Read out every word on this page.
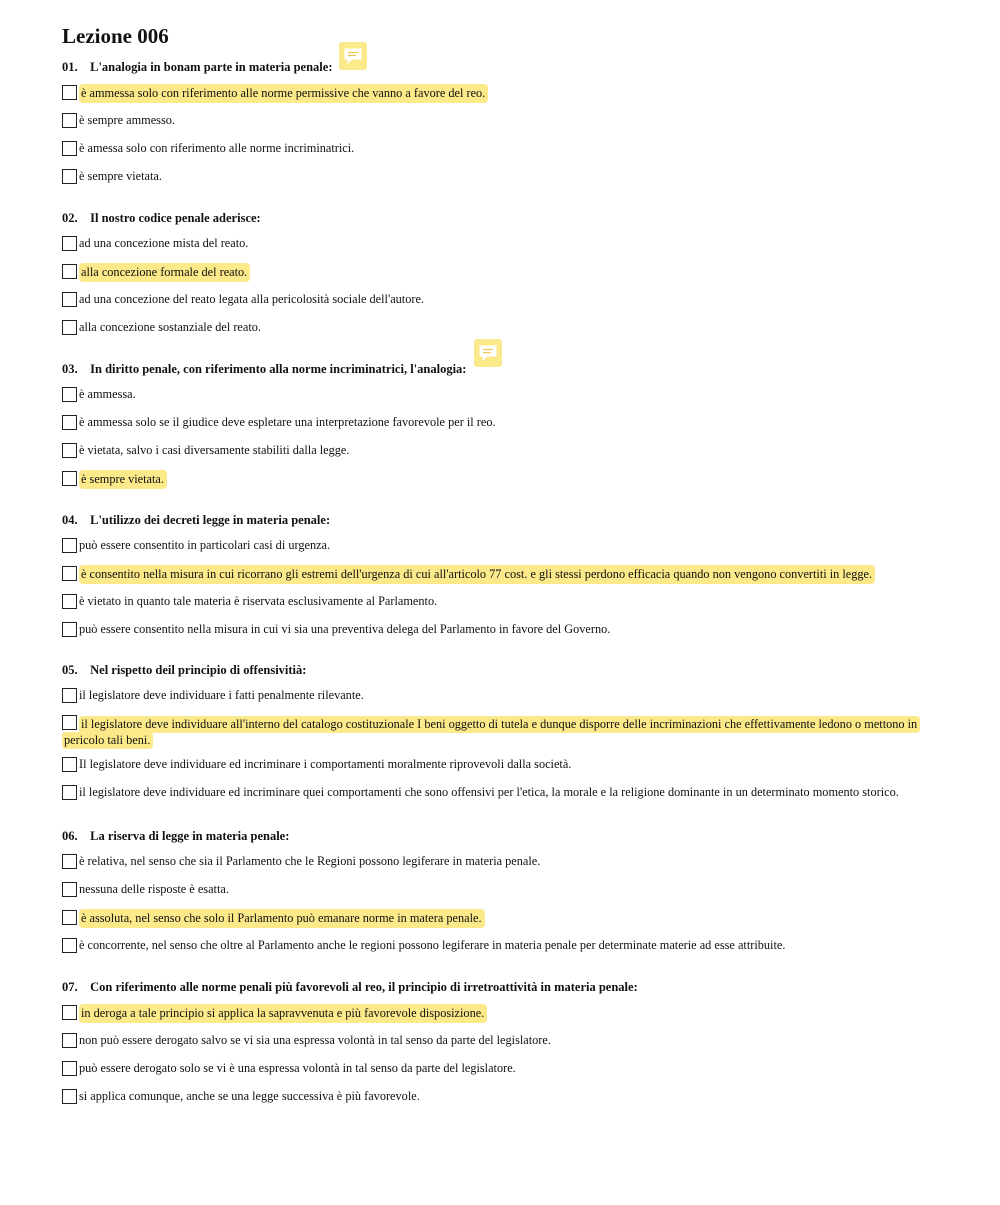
Lezione 006
01. L'analogia in bonam parte in materia penale:
è ammessa solo con riferimento alle norme permissive che vanno a favore del reo.
è sempre ammesso.
è amessa solo con riferimento alle norme incriminatrici.
è sempre vietata.
02. Il nostro codice penale aderisce:
ad una concezione mista del reato.
alla concezione formale del reato.
ad una concezione del reato legata alla pericolosità sociale dell'autore.
alla concezione sostanziale del reato.
03. In diritto penale, con riferimento alla norme incriminatrici, l'analogia:
è ammessa.
è ammessa solo se il giudice deve espletare una interpretazione favorevole per il reo.
è vietata, salvo i casi diversamente stabiliti dalla legge.
è sempre vietata.
04. L'utilizzo dei decreti legge in materia penale:
può essere consentito in particolari casi di urgenza.
è consentito nella misura in cui ricorrano gli estremi dell'urgenza di cui all'articolo 77 cost. e gli stessi perdono efficacia quando non vengono convertiti in legge.
è vietato in quanto tale materia è riservata esclusivamente al Parlamento.
può essere consentito nella misura in cui vi sia una preventiva delega del Parlamento in favore del Governo.
05. Nel rispetto deil principio di offensivitià:
il legislatore deve individuare i fatti penalmente rilevante.
il legislatore deve individuare all'interno del catalogo costituzionale I beni oggetto di tutela e dunque disporre delle incriminazioni che effettivamente ledono o mettono in pericolo tali beni.
Il legislatore deve individuare ed incriminare i comportamenti moralmente riprovevoli dalla società.
il legislatore deve individuare ed incriminare quei comportamenti che sono offensivi per l'etica, la morale e la religione dominante in un determinato momento storico.
06. La riserva di legge in materia penale:
è relativa, nel senso che sia il Parlamento che le Regioni possono legiferare in materia penale.
nessuna delle risposte è esatta.
è assoluta, nel senso che solo il Parlamento può emanare norme in matera penale.
è concorrente, nel senso che oltre al Parlamento anche le regioni possono legiferare in materia penale per determinate materie ad esse attribuite.
07. Con riferimento alle norme penali più favorevoli al reo, il principio di irretroattività in materia penale:
in deroga a tale principio si applica la sapravvenuta e più favorevole disposizione.
non può essere derogato salvo se vi sia una espressa volontà in tal senso da parte del legislatore.
può essere derogato solo se vi è una espressa volontà in tal senso da parte del legislatore.
si applica comunque, anche se una legge successiva è più favorevole.
